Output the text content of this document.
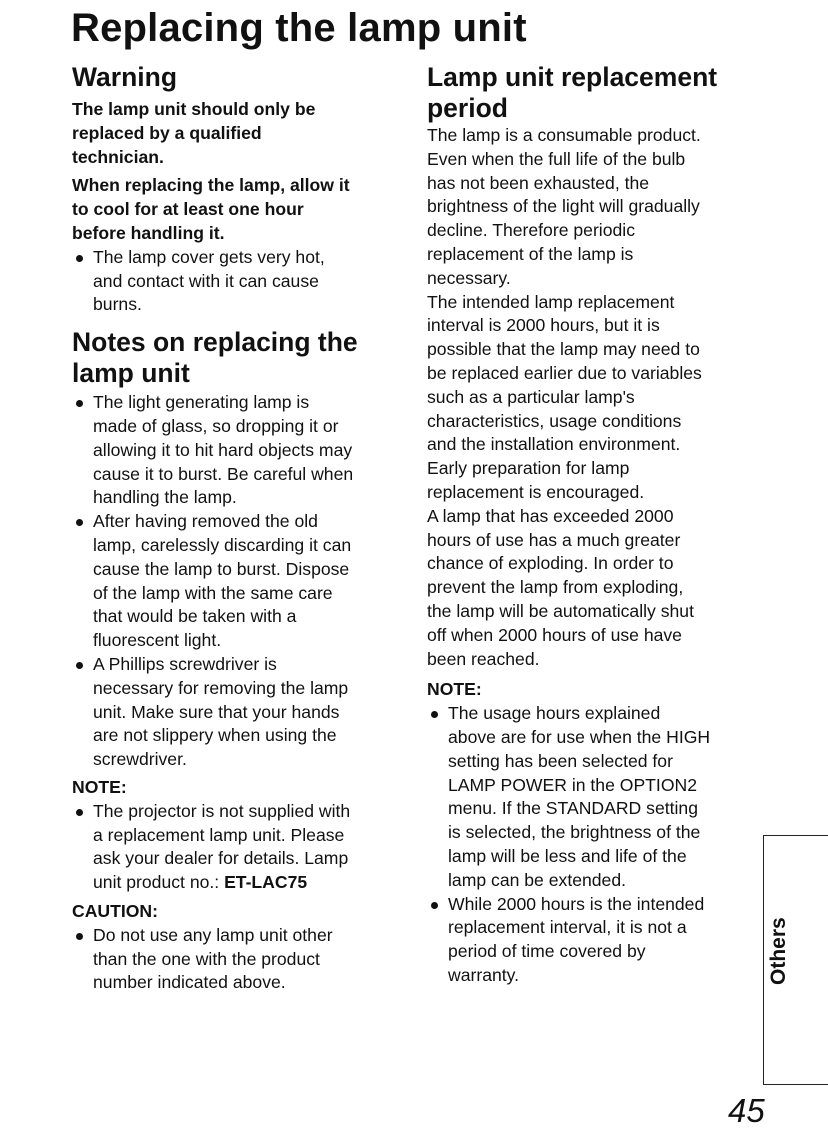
Replacing the lamp unit
Warning

The lamp unit should only be
replaced by a qualified
technician.

When replacing the lamp, allow it
to cool for at least one hour
before handling it.

The lamp cover gets very hot,
and contact with it can cause
burns.

Notes on replacing the lamp unit

The light generating lamp is
made of glass, so dropping it or
allowing it to hit hard objects may
cause it to burst. Be careful when
handling the lamp.

After having removed the old
lamp, carelessly discarding it can
cause the lamp to burst. Dispose
of the lamp with the same care
that would be taken with a
fluorescent light.

A Phillips screwdriver is
necessary for removing the lamp
unit. Make sure that your hands
are not slippery when using the
screwdriver.

NOTE:

The projector is not supplied with
a replacement lamp unit. Please
ask your dealer for details. Lamp
unit product no.: ET-LAC75

CAUTION:

Do not use any lamp unit other
than the one with the product
number indicated above.

Lamp unit replacement period

The lamp is a consumable product.
Even when the full life of the bulb
has not been exhausted, the
brightness of the light will gradually
decline. Therefore periodic
replacement of the lamp is
necessary.
The intended lamp replacement
interval is 2000 hours, but it is
possible that the lamp may need to
be replaced earlier due to variables
such as a particular lamp's
characteristics, usage conditions
and the installation environment.
Early preparation for lamp
replacement is encouraged.
A lamp that has exceeded 2000
hours of use has a much greater
chance of exploding. In order to
prevent the lamp from exploding,
the lamp will be automatically shut
off when 2000 hours of use have
been reached.

NOTE:

The usage hours explained
above are for use when the HIGH
setting has been selected for
LAMP POWER in the OPTION2
menu. If the STANDARD setting
is selected, the brightness of the
lamp will be less and life of the
lamp can be extended.

While 2000 hours is the intended
replacement interval, it is not a
period of time covered by
warranty.	Others
45
